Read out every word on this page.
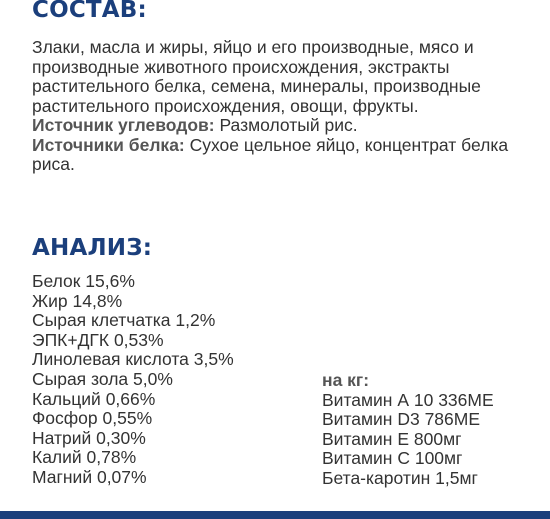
СОСТАВ:

Злаки, масла и жиры, яйцо и его производные, мясо и производные животного происхождения, экстракты растительного белка, семена, минералы, производные растительного происхождения, овощи, фрукты.

Источник углеводов: Размолотый рис.

Источники белка: Сухое цельное яйцо, концентрат белка риса.

АНАЛИЗ:
Белок 15,6%
Жир 14,8%
Сырая клетчатка 1,2%
ЭПК+ДГК 0,53%
Линолевая кислота 3,5%
Сырая зола 5,0%
Кальций 0,66%
Фосфор 0,55%
Натрий 0,30%
Калий 0,78%
Магний 0,07%
на кг:
Витамин А 10 336МЕ
Витамин D3 786МЕ
Витамин Е 800мг
Витамин С 100мг
Бета-каротин 1,5мг
